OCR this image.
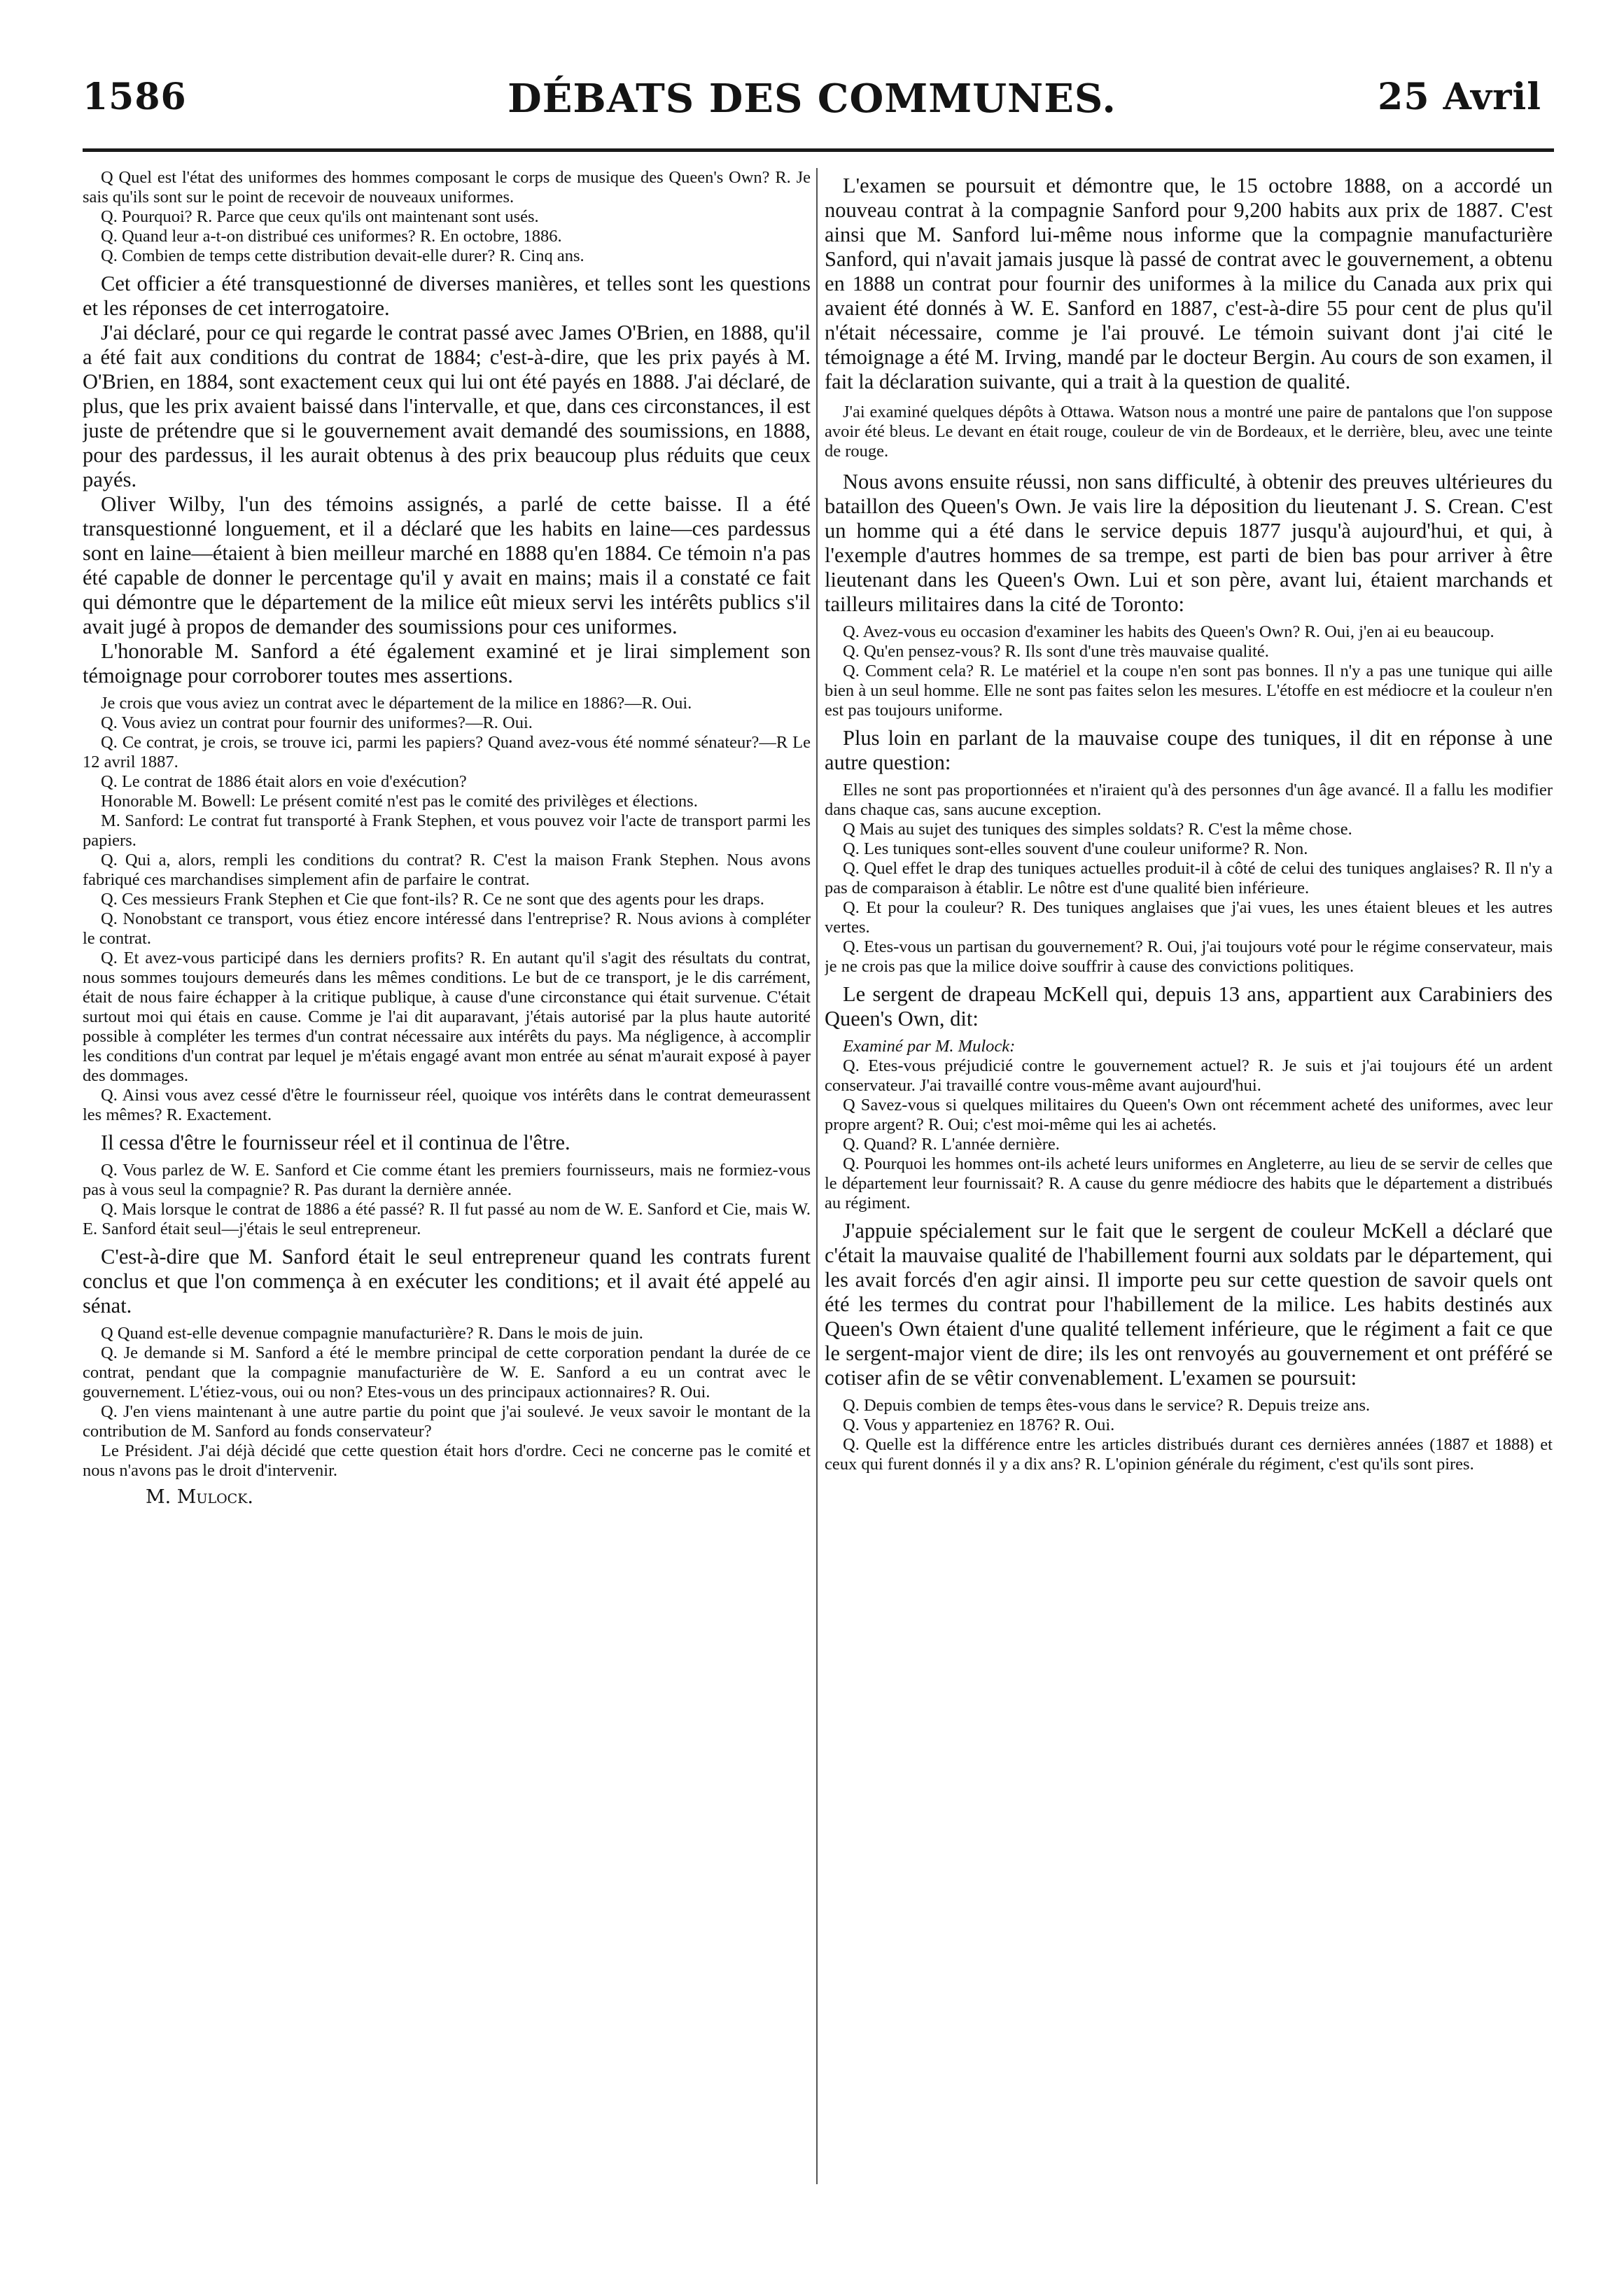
DÉBATS DES COMMUNES.
1586	25 Avril

Q Quel est l'état des uniformes des hommes composant le corps de musique des Queen's Own? R. Je sais qu'ils sont sur le point de recevoir de nouveaux uniformes.

Q. Pourquoi? R. Parce que ceux qu'ils ont maintenant sont usés.

Q. Quand leur a-t-on distribué ces uniformes? R. En octobre, 1886.

Q. Combien de temps cette distribution devait-elle durer? R. Cinq ans.

Cet officier a été transquestionné de diverses manières, et telles sont les questions et les réponses de cet interrogatoire.

J'ai déclaré, pour ce qui regarde le contrat passé avec James O'Brien, en 1888, qu'il a été fait aux conditions du contrat de 1884; c'est-à-dire, que les prix payés à M. O'Brien, en 1884, sont exactement ceux qui lui ont été payés en 1888. J'ai déclaré, de plus, que les prix avaient baissé dans l'intervalle, et que, dans ces circonstances, il est juste de prétendre que si le gouvernement avait demandé des soumissions, en 1888, pour des pardessus, il les aurait obtenus à des prix beaucoup plus réduits que ceux payés.

Oliver Wilby, l'un des témoins assignés, a parlé de cette baisse. Il a été transquestionné longuement, et il a déclaré que les habits en laine—ces pardessus sont en laine—étaient à bien meilleur marché en 1888 qu'en 1884. Ce témoin n'a pas été capable de donner le percentage qu'il y avait en mains; mais il a constaté ce fait qui démontre que le département de la milice eût mieux servi les intérêts publics s'il avait jugé à propos de demander des soumissions pour ces uniformes.

L'honorable M. Sanford a été également examiné et je lirai simplement son témoignage pour corroborer toutes mes assertions.

Je crois que vous aviez un contrat avec le département de la milice en 1886?—R. Oui.

Q. Vous aviez un contrat pour fournir des uniformes?—R. Oui.

Q. Ce contrat, je crois, se trouve ici, parmi les papiers? Quand avez-vous été nommé sénateur?—R Le 12 avril 1887.

Q. Le contrat de 1886 était alors en voie d'exécution?

Honorable M. Bowell: Le présent comité n'est pas le comité des privilèges et élections.

M. Sanford: Le contrat fut transporté à Frank Stephen, et vous pouvez voir l'acte de transport parmi les papiers.

Q. Qui a, alors, rempli les conditions du contrat? R. C'est la maison Frank Stephen. Nous avons fabriqué ces marchandises simplement afin de parfaire le contrat.

Q. Ces messieurs Frank Stephen et Cie que font-ils? R. Ce ne sont que des agents pour les draps.

Q. Nonobstant ce transport, vous étiez encore intéressé dans l'entreprise? R. Nous avions à compléter le contrat.

Q. Et avez-vous participé dans les derniers profits? R. En autant qu'il s'agit des résultats du contrat, nous sommes toujours demeurés dans les mêmes conditions. Le but de ce transport, je le dis carrément, était de nous faire échapper à la critique publique, à cause d'une circonstance qui était survenue. C'était surtout moi qui étais en cause. Comme je l'ai dit auparavant, j'étais autorisé par la plus haute autorité possible à compléter les termes d'un contrat nécessaire aux intérêts du pays. Ma négligence, à accomplir les conditions d'un contrat par lequel je m'étais engagé avant mon entrée au sénat m'aurait exposé à payer des dommages.

Q. Ainsi vous avez cessé d'être le fournisseur réel, quoique vos intérêts dans le contrat demeurassent les mêmes? R. Exactement.

Il cessa d'être le fournisseur réel et il continua de l'être.

Q. Vous parlez de W. E. Sanford et Cie comme étant les premiers fournisseurs, mais ne formiez-vous pas à vous seul la compagnie? R. Pas durant la dernière année.

Q. Mais lorsque le contrat de 1886 a été passé? R. Il fut passé au nom de W. E. Sanford et Cie, mais W. E. Sanford était seul—j'étais le seul entrepreneur.

C'est-à-dire que M. Sanford était le seul entrepreneur quand les contrats furent conclus et que l'on commença à en exécuter les conditions; et il avait été appelé au sénat.

Q Quand est-elle devenue compagnie manufacturière? R. Dans le mois de juin.

Q. Je demande si M. Sanford a été le membre principal de cette corporation pendant la durée de ce contrat, pendant que la compagnie manufacturière de W. E. Sanford a eu un contrat avec le gouvernement. L'étiez-vous, oui ou non? Etes-vous un des principaux actionnaires? R. Oui.

Q. J'en viens maintenant à une autre partie du point que j'ai soulevé. Je veux savoir le montant de la contribution de M. Sanford au fonds conservateur?

Le Président. J'ai déjà décidé que cette question était hors d'ordre. Ceci ne concerne pas le comité et nous n'avons pas le droit d'intervenir.

M. Mulock.

L'examen se poursuit et démontre que, le 15 octobre 1888, on a accordé un nouveau contrat à la compagnie Sanford pour 9,200 habits aux prix de 1887. C'est ainsi que M. Sanford lui-même nous informe que la compagnie manufacturière Sanford, qui n'avait jamais jusque là passé de contrat avec le gouvernement, a obtenu en 1888 un contrat pour fournir des uniformes à la milice du Canada aux prix qui avaient été donnés à W. E. Sanford en 1887, c'est-à-dire 55 pour cent de plus qu'il n'était nécessaire, comme je l'ai prouvé. Le témoin suivant dont j'ai cité le témoignage a été M. Irving, mandé par le docteur Bergin. Au cours de son examen, il fait la déclaration suivante, qui a trait à la question de qualité.

J'ai examiné quelques dépôts à Ottawa. Watson nous a montré une paire de pantalons que l'on suppose avoir été bleus. Le devant en était rouge, couleur de vin de Bordeaux, et le derrière, bleu, avec une teinte de rouge.

Nous avons ensuite réussi, non sans difficulté, à obtenir des preuves ultérieures du bataillon des Queen's Own. Je vais lire la déposition du lieutenant J. S. Crean. C'est un homme qui a été dans le service depuis 1877 jusqu'à aujourd'hui, et qui, à l'exemple d'autres hommes de sa trempe, est parti de bien bas pour arriver à être lieutenant dans les Queen's Own. Lui et son père, avant lui, étaient marchands et tailleurs militaires dans la cité de Toronto:

Q. Avez-vous eu occasion d'examiner les habits des Queen's Own? R. Oui, j'en ai eu beaucoup.

Q. Qu'en pensez-vous? R. Ils sont d'une très mauvaise qualité.

Q. Comment cela? R. Le matériel et la coupe n'en sont pas bonnes. Il n'y a pas une tunique qui aille bien à un seul homme. Elle ne sont pas faites selon les mesures. L'étoffe en est médiocre et la couleur n'en est pas toujours uniforme.

Plus loin en parlant de la mauvaise coupe des tuniques, il dit en réponse à une autre question:

Elles ne sont pas proportionnées et n'iraient qu'à des personnes d'un âge avancé. Il a fallu les modifier dans chaque cas, sans aucune exception.

Q Mais au sujet des tuniques des simples soldats? R. C'est la même chose.

Q. Les tuniques sont-elles souvent d'une couleur uniforme? R. Non.

Q. Quel effet le drap des tuniques actuelles produit-il à côté de celui des tuniques anglaises? R. Il n'y a pas de comparaison à établir. Le nôtre est d'une qualité bien inférieure.

Q. Et pour la couleur? R. Des tuniques anglaises que j'ai vues, les unes étaient bleues et les autres vertes.

Q. Etes-vous un partisan du gouvernement? R. Oui, j'ai toujours voté pour le régime conservateur, mais je ne crois pas que la milice doive souffrir à cause des convictions politiques.

Le sergent de drapeau McKell qui, depuis 13 ans, appartient aux Carabiniers des Queen's Own, dit:

Examiné par M. Mulock:

Q. Etes-vous préjudicié contre le gouvernement actuel? R. Je suis et j'ai toujours été un ardent conservateur. J'ai travaillé contre vous-même avant aujourd'hui.

Q Savez-vous si quelques militaires du Queen's Own ont récemment acheté des uniformes, avec leur propre argent? R. Oui; c'est moi-même qui les ai achetés.

Q. Quand? R. L'année dernière.

Q. Pourquoi les hommes ont-ils acheté leurs uniformes en Angleterre, au lieu de se servir de celles que le département leur fournissait? R. A cause du genre médiocre des habits que le département a distribués au régiment.

J'appuie spécialement sur le fait que le sergent de couleur McKell a déclaré que c'était la mauvaise qualité de l'habillement fourni aux soldats par le département, qui les avait forcés d'en agir ainsi. Il importe peu sur cette question de savoir quels ont été les termes du contrat pour l'habillement de la milice. Les habits destinés aux Queen's Own étaient d'une qualité tellement inférieure, que le régiment a fait ce que le sergent-major vient de dire; ils les ont renvoyés au gouvernement et ont préféré se cotiser afin de se vêtir convenablement. L'examen se poursuit:

Q. Depuis combien de temps êtes-vous dans le service? R. Depuis treize ans.

Q. Vous y apparteniez en 1876? R. Oui.

Q. Quelle est la différence entre les articles distribués durant ces dernières années (1887 et 1888) et ceux qui furent donnés il y a dix ans? R. L'opinion générale du régiment, c'est qu'ils sont pires.
